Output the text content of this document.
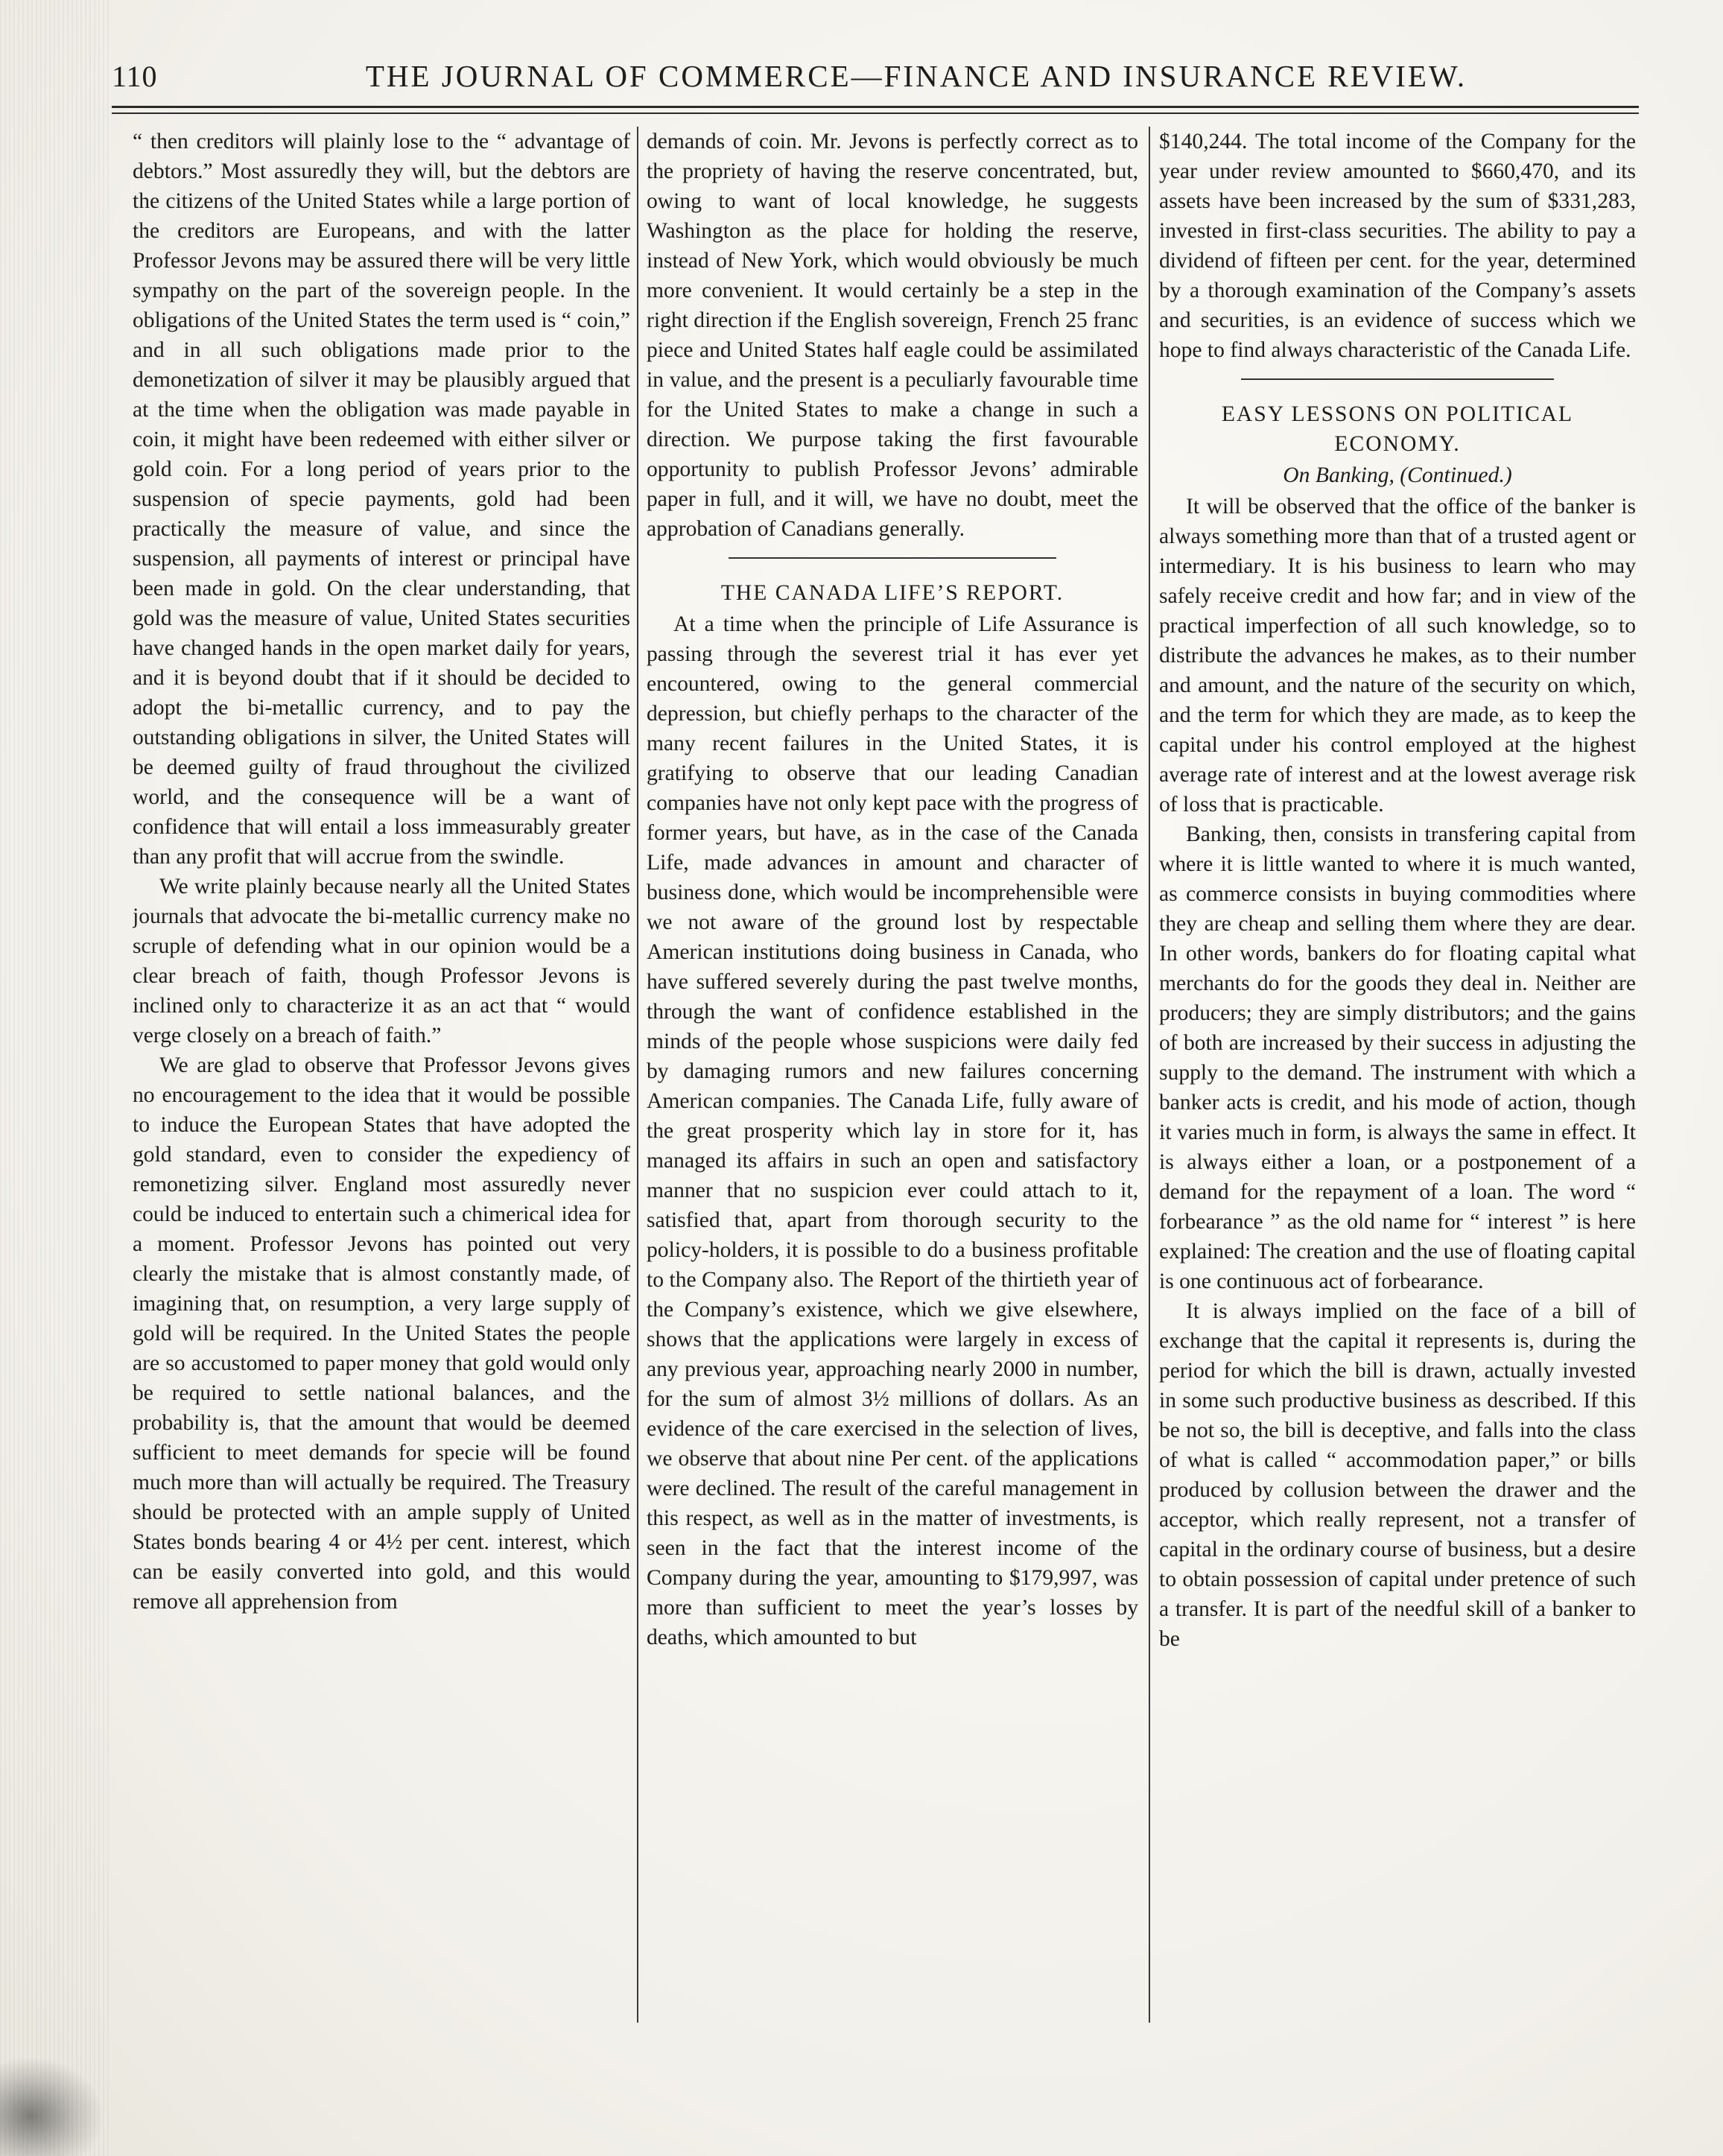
110	THE JOURNAL OF COMMERCE—FINANCE AND INSURANCE REVIEW.

“ then creditors will plainly lose to the “ advantage of debtors.” Most assuredly they will, but the debtors are the citizens of the United States while a large portion of the creditors are Europeans, and with the latter Professor Jevons may be assured there will be very little sympathy on the part of the sovereign people. In the obligations of the United States the term used is “ coin,” and in all such obligations made prior to the demonetization of silver it may be plausibly argued that at the time when the obligation was made payable in coin, it might have been redeemed with either silver or gold coin. For a long period of years prior to the suspension of specie payments, gold had been practically the measure of value, and since the suspension, all payments of interest or principal have been made in gold. On the clear understanding, that gold was the measure of value, United States securities have changed hands in the open market daily for years, and it is beyond doubt that if it should be decided to adopt the bi-metallic currency, and to pay the outstanding obligations in silver, the United States will be deemed guilty of fraud throughout the civilized world, and the consequence will be a want of confidence that will entail a loss immeasurably greater than any profit that will accrue from the swindle.

We write plainly because nearly all the United States journals that advocate the bi-metallic currency make no scruple of defending what in our opinion would be a clear breach of faith, though Professor Jevons is inclined only to characterize it as an act that “ would verge closely on a breach of faith.”

We are glad to observe that Professor Jevons gives no encouragement to the idea that it would be possible to induce the European States that have adopted the gold standard, even to consider the expediency of remonetizing silver. England most assuredly never could be induced to entertain such a chimerical idea for a moment. Professor Jevons has pointed out very clearly the mistake that is almost constantly made, of imagining that, on resumption, a very large supply of gold will be required. In the United States the people are so accustomed to paper money that gold would only be required to settle national balances, and the probability is, that the amount that would be deemed sufficient to meet demands for specie will be found much more than will actually be required. The Treasury should be protected with an ample supply of United States bonds bearing 4 or 4½ per cent. interest, which can be easily converted into gold, and this would remove all apprehension from

demands of coin. Mr. Jevons is perfectly correct as to the propriety of having the reserve concentrated, but, owing to want of local knowledge, he suggests Washington as the place for holding the reserve, instead of New York, which would obviously be much more convenient. It would certainly be a step in the right direction if the English sovereign, French 25 franc piece and United States half eagle could be assimilated in value, and the present is a peculiarly favourable time for the United States to make a change in such a direction. We purpose taking the first favourable opportunity to publish Professor Jevons’ admirable paper in full, and it will, we have no doubt, meet the approbation of Canadians generally.

THE CANADA LIFE’S REPORT.

At a time when the principle of Life Assurance is passing through the severest trial it has ever yet encountered, owing to the general commercial depression, but chiefly perhaps to the character of the many recent failures in the United States, it is gratifying to observe that our leading Canadian companies have not only kept pace with the progress of former years, but have, as in the case of the Canada Life, made advances in amount and character of business done, which would be incomprehensible were we not aware of the ground lost by respectable American institutions doing business in Canada, who have suffered severely during the past twelve months, through the want of confidence established in the minds of the people whose suspicions were daily fed by damaging rumors and new failures concerning American companies. The Canada Life, fully aware of the great prosperity which lay in store for it, has managed its affairs in such an open and satisfactory manner that no suspicion ever could attach to it, satisfied that, apart from thorough security to the policy-holders, it is possible to do a business profitable to the Company also. The Report of the thirtieth year of the Company’s existence, which we give elsewhere, shows that the applications were largely in excess of any previous year, approaching nearly 2000 in number, for the sum of almost 3½ millions of dollars. As an evidence of the care exercised in the selection of lives, we observe that about nine Per cent. of the applications were declined. The result of the careful management in this respect, as well as in the matter of investments, is seen in the fact that the interest income of the Company during the year, amounting to $179,997, was more than sufficient to meet the year’s losses by deaths, which amounted to but

$140,244. The total income of the Company for the year under review amounted to $660,470, and its assets have been increased by the sum of $331,283, invested in first-class securities. The ability to pay a dividend of fifteen per cent. for the year, determined by a thorough examination of the Company’s assets and securities, is an evidence of success which we hope to find always characteristic of the Canada Life.

EASY LESSONS ON POLITICAL ECONOMY.
On Banking, (Continued.)

It will be observed that the office of the banker is always something more than that of a trusted agent or intermediary. It is his business to learn who may safely receive credit and how far; and in view of the practical imperfection of all such knowledge, so to distribute the advances he makes, as to their number and amount, and the nature of the security on which, and the term for which they are made, as to keep the capital under his control employed at the highest average rate of interest and at the lowest average risk of loss that is practicable.

Banking, then, consists in transfering capital from where it is little wanted to where it is much wanted, as commerce consists in buying commodities where they are cheap and selling them where they are dear. In other words, bankers do for floating capital what merchants do for the goods they deal in. Neither are producers; they are simply distributors; and the gains of both are increased by their success in adjusting the supply to the demand. The instrument with which a banker acts is credit, and his mode of action, though it varies much in form, is always the same in effect. It is always either a loan, or a postponement of a demand for the repayment of a loan. The word “ forbearance ” as the old name for “ interest ” is here explained: The creation and the use of floating capital is one continuous act of forbearance.

It is always implied on the face of a bill of exchange that the capital it represents is, during the period for which the bill is drawn, actually invested in some such productive business as described. If this be not so, the bill is deceptive, and falls into the class of what is called “ accommodation paper,” or bills produced by collusion between the drawer and the acceptor, which really represent, not a transfer of capital in the ordinary course of business, but a desire to obtain possession of capital under pretence of such a transfer. It is part of the needful skill of a banker to be
